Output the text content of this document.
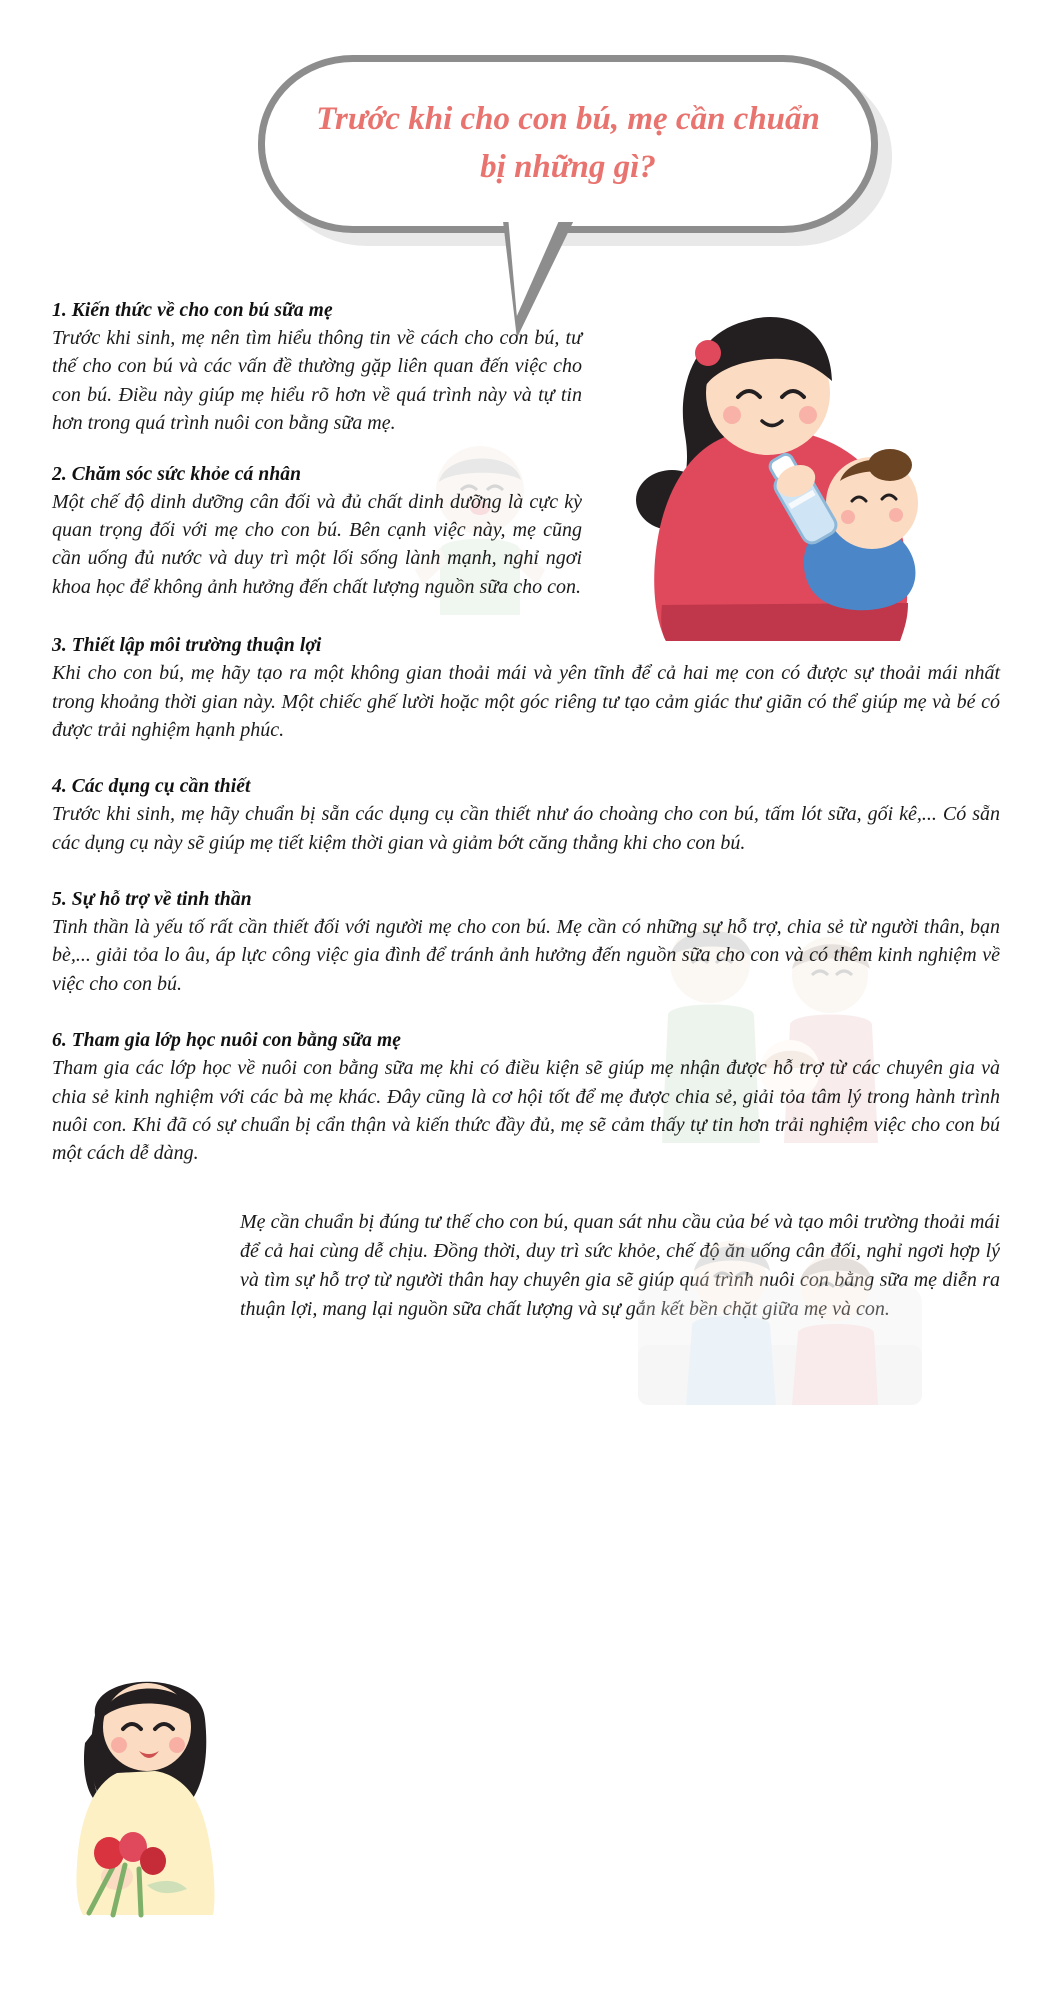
Trước khi cho con bú, mẹ cần chuẩn bị những gì?
1. Kiến thức về cho con bú sữa mẹ

Trước khi sinh, mẹ nên tìm hiểu thông tin về cách cho con bú, tư thế cho con bú và các vấn đề thường gặp liên quan đến việc cho con bú. Điều này giúp mẹ hiểu rõ hơn về quá trình này và tự tin hơn trong quá trình nuôi con bằng sữa mẹ.

2. Chăm sóc sức khỏe cá nhân

Một chế độ dinh dưỡng cân đối và đủ chất dinh dưỡng là cực kỳ quan trọng đối với mẹ cho con bú. Bên cạnh việc này, mẹ cũng cần uống đủ nước và duy trì một lối sống lành mạnh, nghỉ ngơi khoa học để không ảnh hưởng đến chất lượng nguồn sữa cho con.

3. Thiết lập môi trường thuận lợi

Khi cho con bú, mẹ hãy tạo ra một không gian thoải mái và yên tĩnh để cả hai mẹ con có được sự thoải mái nhất trong khoảng thời gian này. Một chiếc ghế lười hoặc một góc riêng tư tạo cảm giác thư giãn có thể giúp mẹ và bé có được trải nghiệm hạnh phúc.

4. Các dụng cụ cần thiết

Trước khi sinh, mẹ hãy chuẩn bị sẵn các dụng cụ cần thiết như áo choàng cho con bú, tấm lót sữa, gối kê,... Có sẵn các dụng cụ này sẽ giúp mẹ tiết kiệm thời gian và giảm bớt căng thẳng khi cho con bú.

5. Sự hỗ trợ về tinh thần

Tinh thần là yếu tố rất cần thiết đối với người mẹ cho con bú. Mẹ cần có những sự hỗ trợ, chia sẻ từ người thân, bạn bè,... giải tỏa lo âu, áp lực công việc gia đình để tránh ảnh hưởng đến nguồn sữa cho con và có thêm kinh nghiệm về việc cho con bú.

6. Tham gia lớp học nuôi con bằng sữa mẹ

Tham gia các lớp học về nuôi con bằng sữa mẹ khi có điều kiện sẽ giúp mẹ nhận được hỗ trợ từ các chuyên gia và chia sẻ kinh nghiệm với các bà mẹ khác. Đây cũng là cơ hội tốt để mẹ được chia sẻ, giải tỏa tâm lý trong hành trình nuôi con. Khi đã có sự chuẩn bị cẩn thận và kiến thức đầy đủ, mẹ sẽ cảm thấy tự tin hơn trải nghiệm việc cho con bú một cách dễ dàng.

Mẹ cần chuẩn bị đúng tư thế cho con bú, quan sát nhu cầu của bé và tạo môi trường thoải mái để cả hai cùng dễ chịu. Đồng thời, duy trì sức khỏe, chế độ ăn uống cân đối, nghỉ ngơi hợp lý và tìm sự hỗ trợ từ người thân hay chuyên gia sẽ giúp quá trình nuôi con bằng sữa mẹ diễn ra thuận lợi, mang lại nguồn sữa chất lượng và sự gắn kết bền chặt giữa mẹ và con.
